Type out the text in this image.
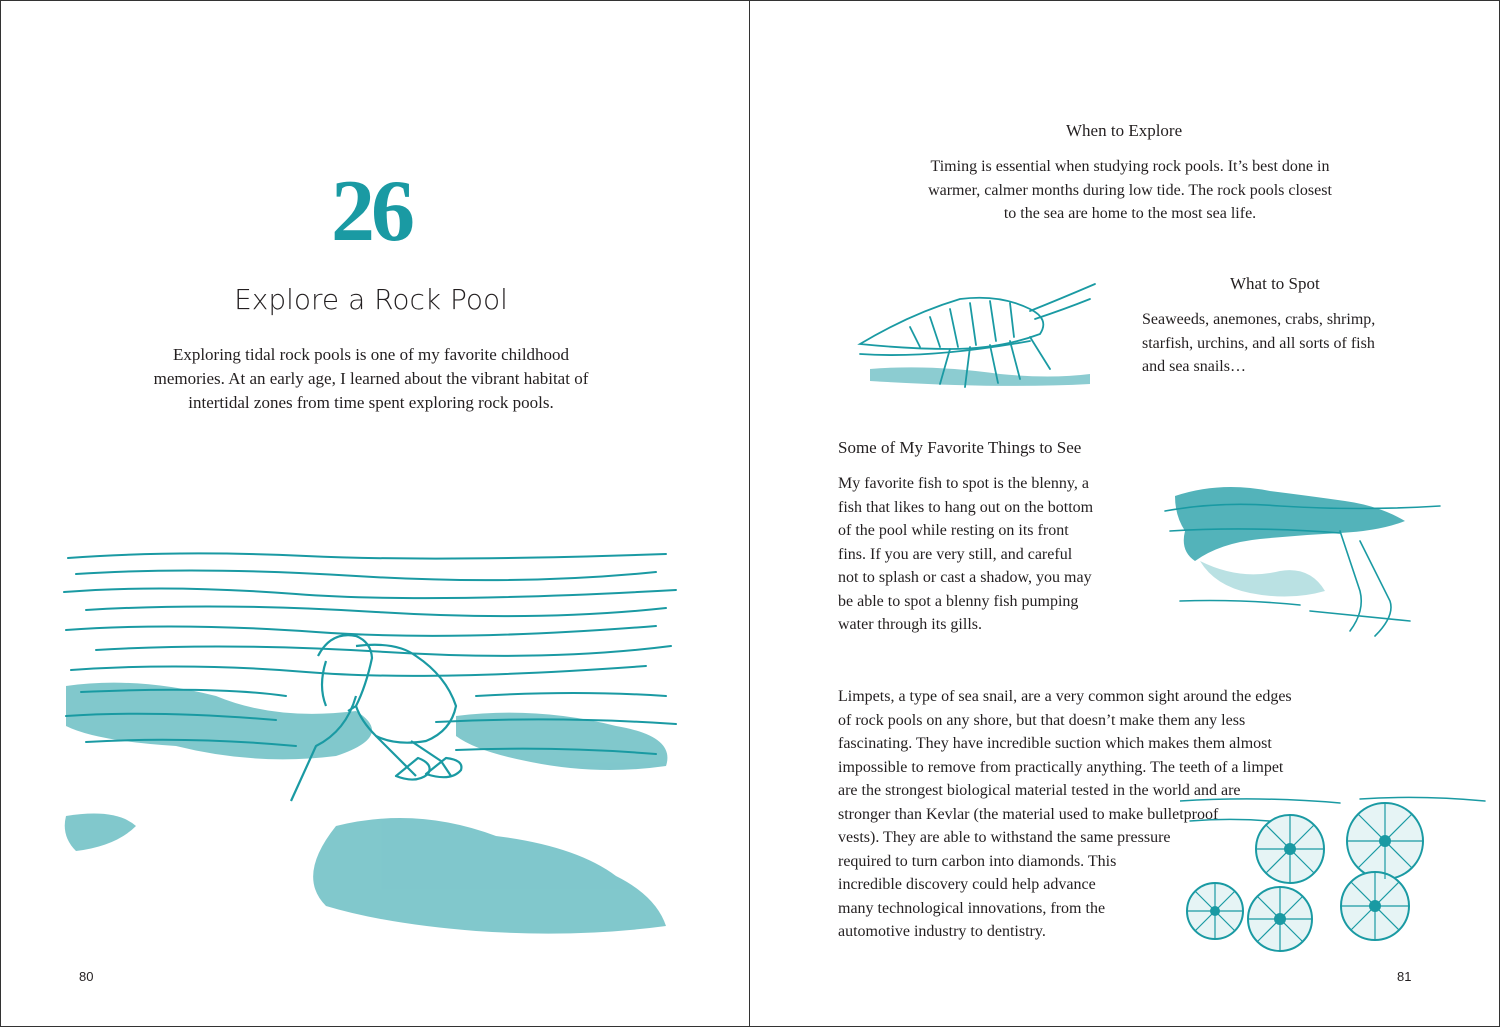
26
Explore a Rock Pool
Exploring tidal rock pools is one of my favorite childhood
memories. At an early age, I learned about the vibrant habitat of
intertidal zones from time spent exploring rock pools.
80
When to Explore
Timing is essential when studying rock pools. It’s best done in
warmer, calmer months during low tide. The rock pools closest
to the sea are home to the most sea life.
What to Spot
Seaweeds, anemones, crabs, shrimp,
starfish, urchins, and all sorts of fish
and sea snails…
Some of My Favorite Things to See
My favorite fish to spot is the blenny, a
fish that likes to hang out on the bottom
of the pool while resting on its front
fins. If you are very still, and careful
not to splash or cast a shadow, you may
be able to spot a blenny fish pumping
water through its gills.
Limpets, a type of sea snail, are a very common sight around the edges
of rock pools on any shore, but that doesn’t make them any less
fascinating. They have incredible suction which makes them almost
impossible to remove from practically anything. The teeth of a limpet
are the strongest biological material tested in the world and are
stronger than Kevlar (the material used to make bulletproof
vests). They are able to withstand the same pressure
required to turn carbon into diamonds. This
incredible discovery could help advance
many technological innovations, from the
automotive industry to dentistry.
81
